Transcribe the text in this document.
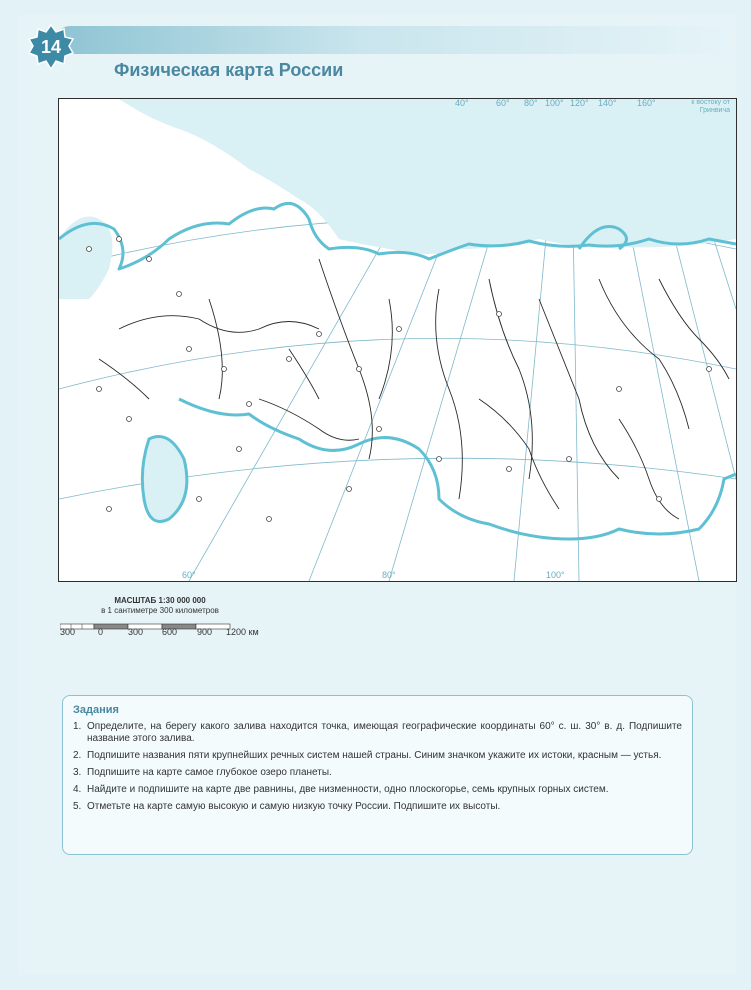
14
Физическая карта России
40°	60° 80° 100° 120° 140° 160°	к востоку от Гринвича
60°	80°	100°
МАСШТАБ 1:30 000 000
в 1 сантиметре 300 километров
300	0	300 600 900 1200 км
Задания
1. Определите, на берегу какого залива находится точка, имеющая географические координаты 60° с. ш. 30° в. д. Подпишите название этого залива.
2. Подпишите названия пяти крупнейших речных систем нашей страны. Синим значком укажите их истоки, красным — устья.
3. Подпишите на карте самое глубокое озеро планеты.
4. Найдите и подпишите на карте две равнины, две низменности, одно плоскогорье, семь крупных горных систем.
5. Отметьте на карте самую высокую и самую низкую точку России. Подпишите их высоты.
